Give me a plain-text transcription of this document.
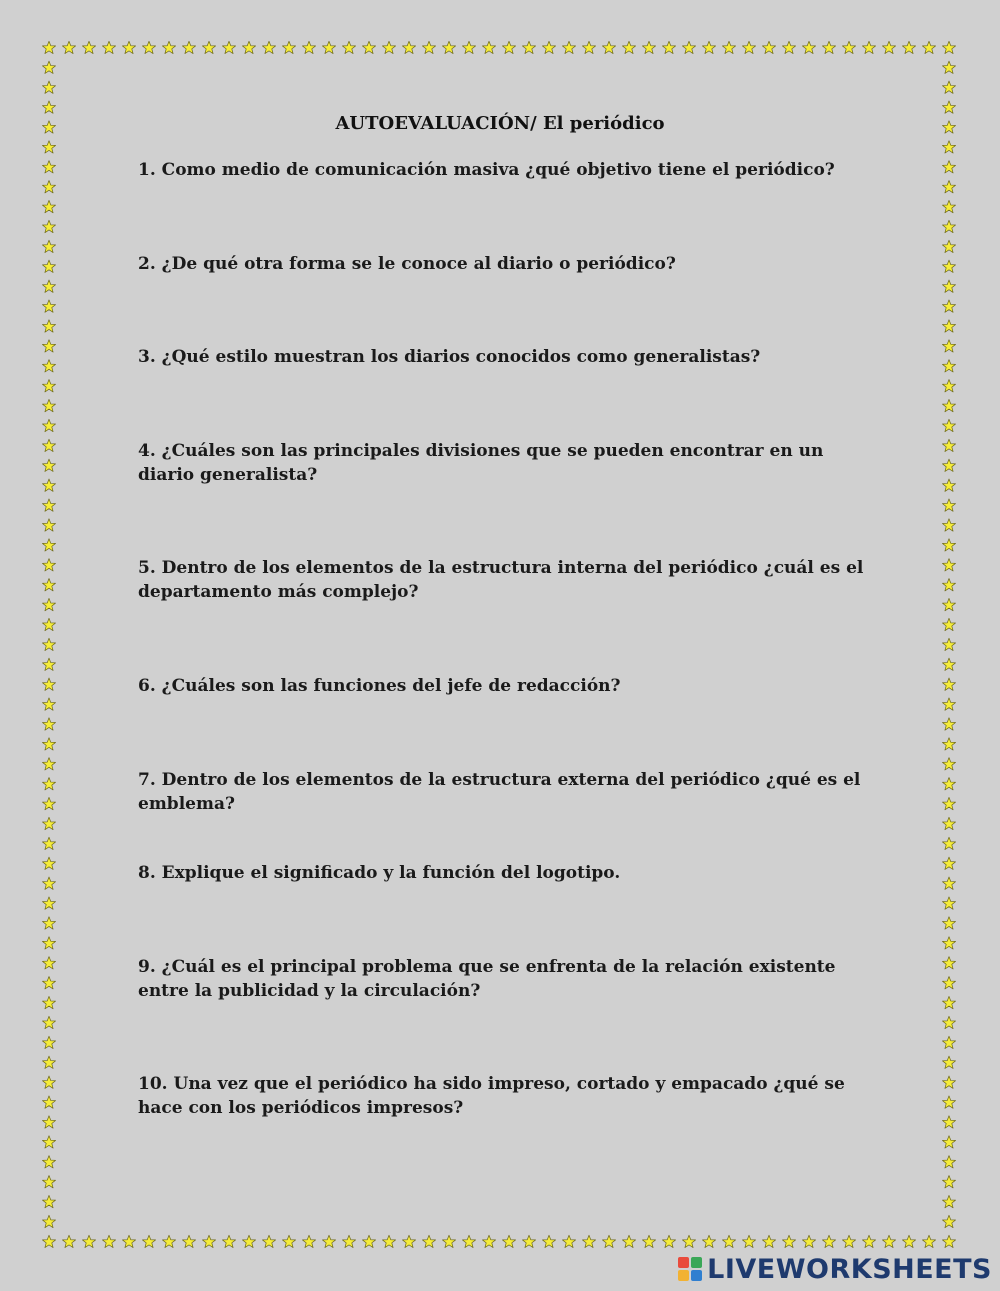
AUTOEVALUACIÓN/ El periódico
1. Como medio de comunicación masiva ¿qué objetivo tiene el periódico?
2. ¿De qué otra forma se le conoce al diario o periódico?
3. ¿Qué estilo muestran los diarios conocidos como generalistas?
4. ¿Cuáles son las principales divisiones que se pueden encontrar en un diario generalista?
5. Dentro de los elementos de la estructura interna del periódico ¿cuál es el departamento más complejo?
6. ¿Cuáles son las funciones del jefe de redacción?
7. Dentro de los elementos de la estructura externa del periódico ¿qué es el emblema?
8. Explique el significado y la función del logotipo.
9. ¿Cuál es el principal problema que se enfrenta de la relación existente entre la publicidad y la circulación?
10. Una vez que el periódico ha sido impreso, cortado y empacado ¿qué se hace con los periódicos impresos?
LIVEWORKSHEETS
